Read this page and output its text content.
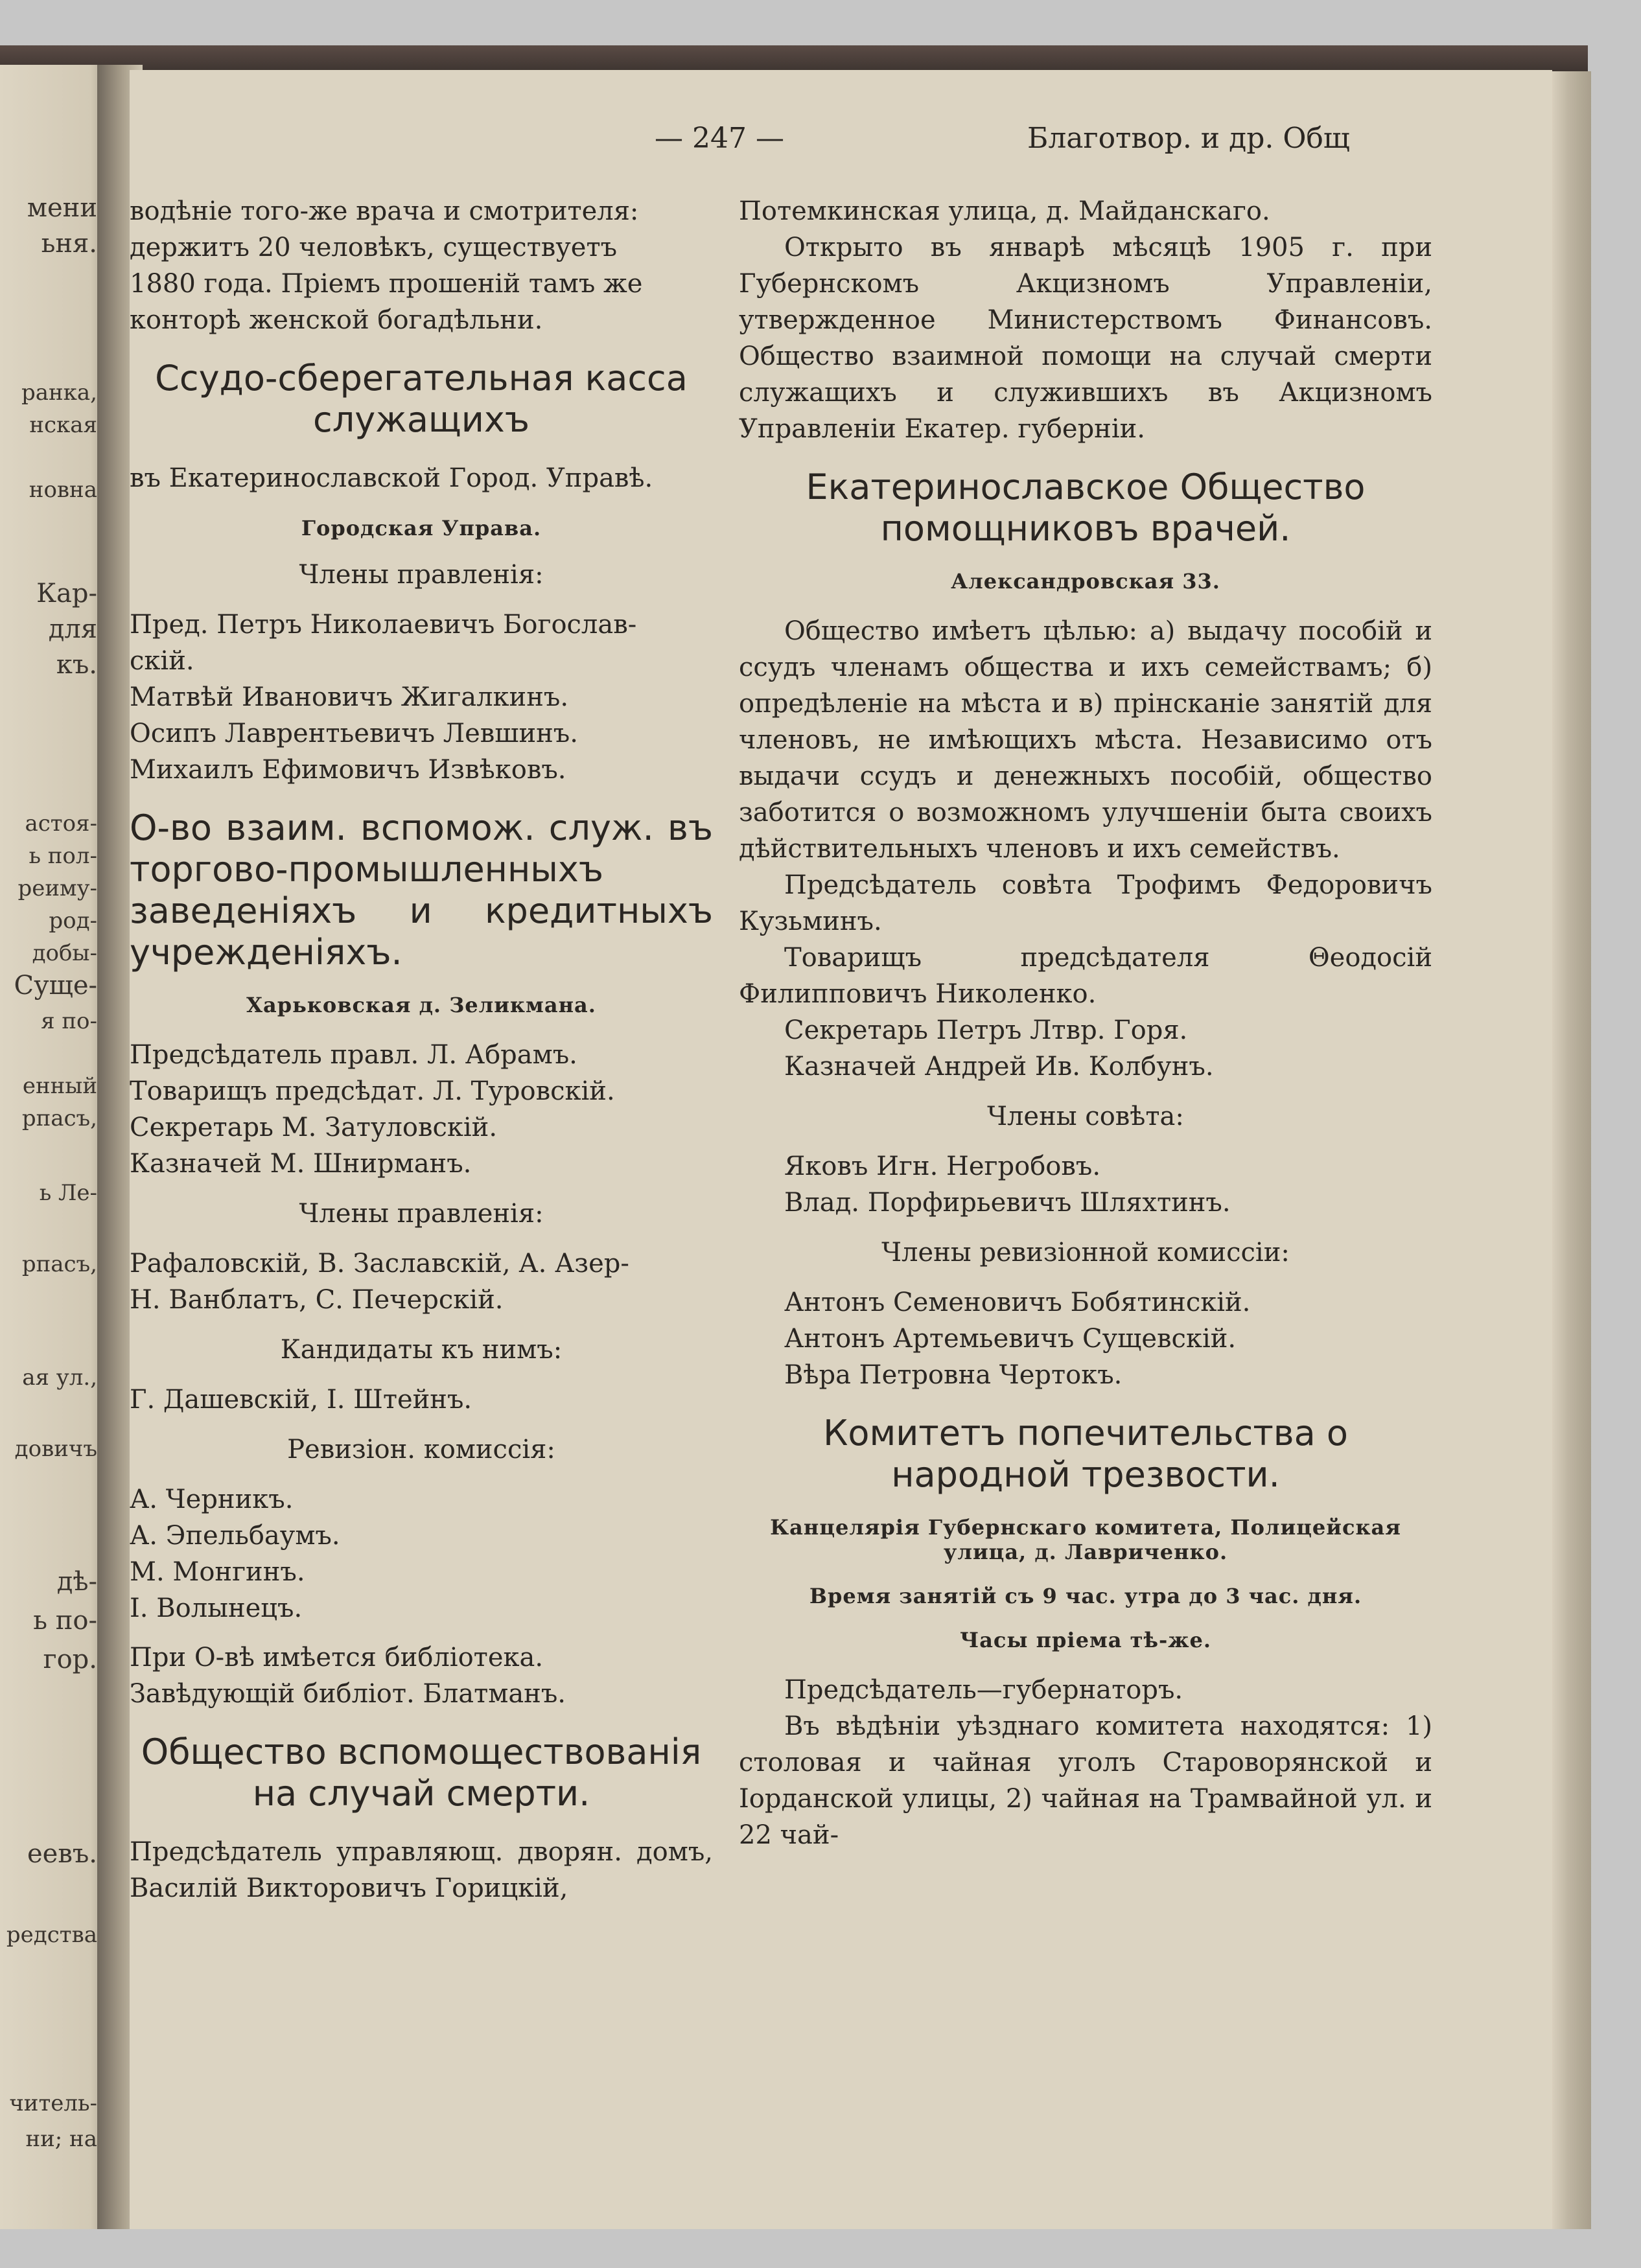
мени
ьня.
ранка,
нская
новна
Кар-
для
къ.
астоя-
ь пол-
реиму-
род-
добы-
Суще-
я по-
енный
рпасъ,
ь Ле-
рпасъ,
ая ул.,
довичъ
дѣ-
ь по-
гор.
еевъ.
редства
читель-
ни; на
— 247 —	Благотвор. и др. Общ

водѣніе того-же врача и смотрителя:

держитъ 20 человѣкъ, существуетъ

1880 года. Пріемъ прошеній тамъ же

конторѣ женской богадѣльни.

Ссудо-сберегательная касса служащихъ

въ Екатеринославской Город. Управѣ.

Городская Управа.
Члены правленія:

Пред. Петръ Николаевичъ Богослав-

скій.

Матвѣй Ивановичъ Жигалкинъ.

Осипъ Лаврентьевичъ Левшинъ.

Михаилъ Ефимовичъ Извѣковъ.

О-во взаим. вспомож. служ. въ торгово-промышленныхъ заведеніяхъ и кредитныхъ учрежденіяхъ.
Харьковская д. Зеликмана.

Предсѣдатель правл. Л. Абрамъ.

Товарищъ предсѣдат. Л. Туровскій.

Секретарь М. Затуловскій.

Казначей М. Шнирманъ.

Члены правленія:

Рафаловскій, В. Заславскій, А. Азер-

Н. Ванблатъ, С. Печерскій.

Кандидаты къ нимъ:

Г. Дашевскій, І. Штейнъ.

Ревизіон. комиссія:

А. Черникъ.

А. Эпельбаумъ.

М. Монгинъ.

І. Волынецъ.

При О-вѣ имѣется библіотека.

Завѣдующій библіот. Блатманъ.

Общество вспомоществованія на случай смерти.

Предсѣдатель управляющ. дворян. домъ, Василій Викторовичъ Горицкій,

Потемкинская улица, д. Майданскаго.

Открыто въ январѣ мѣсяцѣ 1905 г. при Губернскомъ Акцизномъ Управленіи, утвержденное Министерствомъ Финансовъ. Общество взаимной помощи на случай смерти служащихъ и служившихъ въ Акцизномъ Управленіи Екатер. губерніи.

Екатеринославское Общество помощниковъ врачей.
Александровская 33.

Общество имѣетъ цѣлью: а) выдачу пособій и ссудъ членамъ общества и ихъ семействамъ; б) опредѣленіе на мѣста и в) прінсканіе занятій для членовъ, не имѣющихъ мѣста. Независимо отъ выдачи ссудъ и денежныхъ пособій, общество заботится о возможномъ улучшеніи быта своихъ дѣйствительныхъ членовъ и ихъ семействъ.

Предсѣдатель совѣта Трофимъ Федоровичъ Кузьминъ.

Товарищъ предсѣдателя Θеодосій Филипповичъ Николенко.

Секретарь Петръ Лтвр. Горя.

Казначей Андрей Ив. Колбунъ.

Члены совѣта:

Яковъ Игн. Негробовъ.

Влад. Порфирьевичъ Шляхтинъ.

Члены ревизіонной комиссіи:

Антонъ Семеновичъ Бобятинскій.

Антонъ Артемьевичъ Сущевскій.

Вѣра Петровна Чертокъ.

Комитетъ попечительства о народной трезвости.
Канцелярія Губернскаго комитета, Полицейская улица, д. Лавриченко.
Время занятій съ 9 час. утра до 3 час. дня.
Часы пріема тѣ-же.

Предсѣдатель—губернаторъ.

Въ вѣдѣніи уѣзднаго комитета находятся: 1) столовая и чайная уголъ Староворянской и Іорданской улицы, 2) чайная на Трамвайной ул. и 22 чай-
